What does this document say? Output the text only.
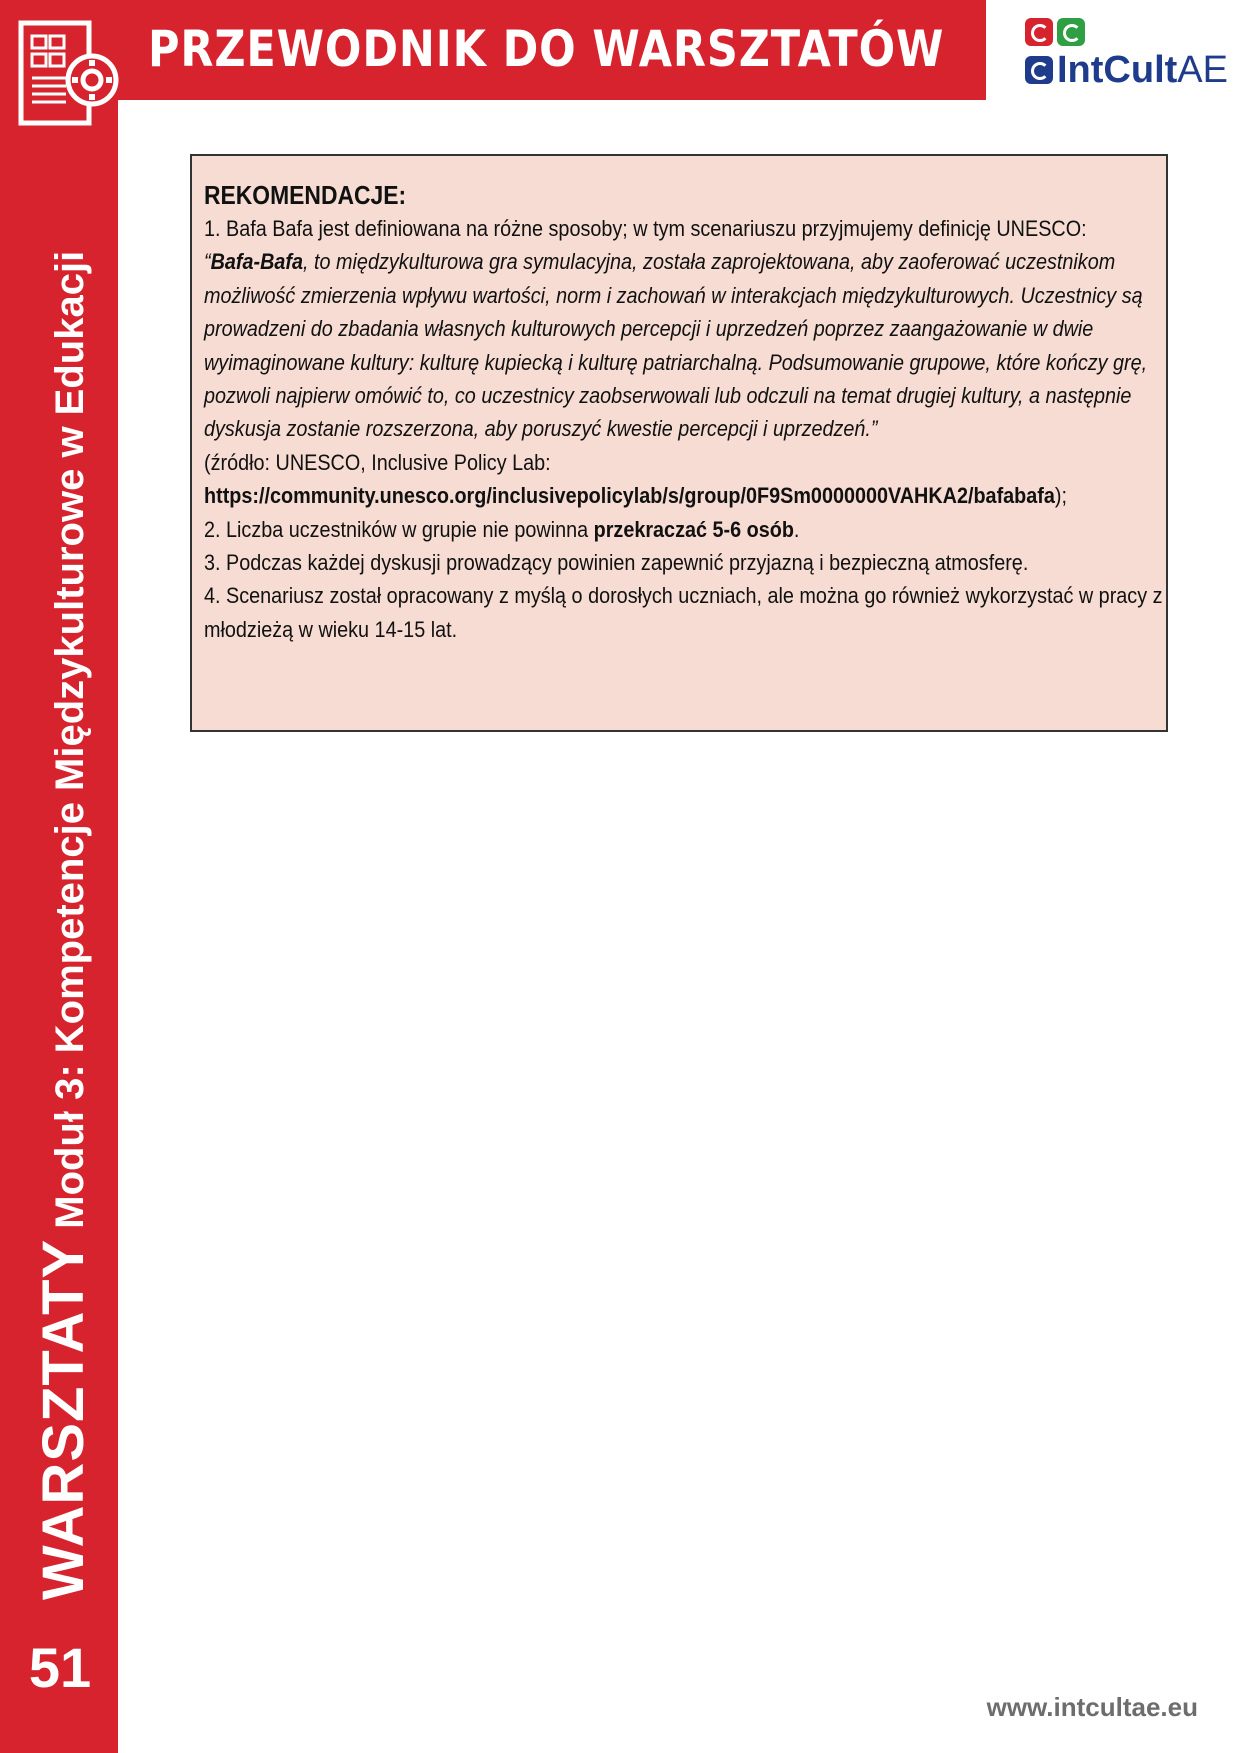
PRZEWODNIK DO WARSZTATÓW	IntCultAE
WARSZTATYModuł 3: Kompetencje Międzykulturowe w Edukacji
51
REKOMENDACJE:

1. Bafa Bafa jest definiowana na różne sposoby; w tym scenariuszu przyjmujemy definicję UNESCO:

“Bafa-Bafa, to międzykulturowa gra symulacyjna, została zaprojektowana, aby zaoferować uczestnikom możliwość zmierzenia wpływu wartości, norm i zachowań w interakcjach międzykulturowych. Uczestnicy są prowadzeni do zbadania własnych kulturowych percepcji i uprzedzeń poprzez zaangażowanie w dwie wyimaginowane kultury: kulturę kupiecką i kulturę patriarchalną. Podsumowanie grupowe, które kończy grę, pozwoli najpierw omówić to, co uczestnicy zaobserwowali lub odczuli na temat drugiej kultury, a następnie dyskusja zostanie rozszerzona, aby poruszyć kwestie percepcji i uprzedzeń.”

(źródło: UNESCO, Inclusive Policy Lab:

https://community.unesco.org/inclusivepolicylab/s/group/0F9Sm0000000VAHKA2/bafabafa);

2. Liczba uczestników w grupie nie powinna przekraczać 5-6 osób.

3. Podczas każdej dyskusji prowadzący powinien zapewnić przyjazną i bezpieczną atmosferę.

4. Scenariusz został opracowany z myślą o dorosłych uczniach, ale można go również wykorzystać w pracy z młodzieżą w wieku 14-15 lat.

www.intcultae.eu
